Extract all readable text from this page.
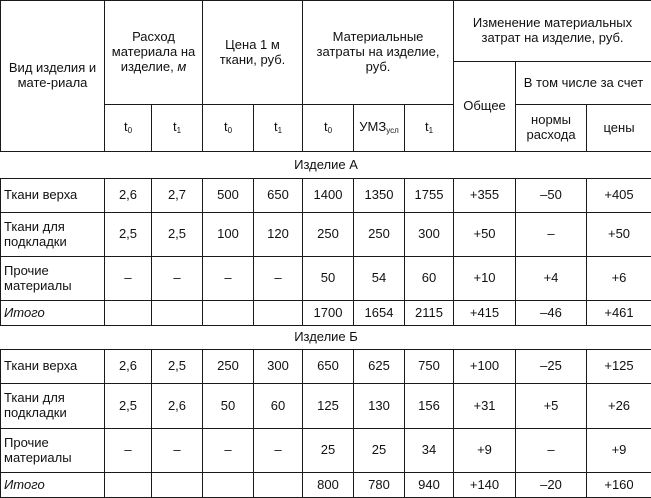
Вид изделия и мате-риала	Расход материала на изделие, м		Цена 1 м ткани, руб.		Материальные затраты на изделие, руб.			Изменение материальных затрат на изделие, руб.		
								Общее	В том числе за счет	
	$t_0$	$t_1$	$t_0$	$t_1$	$t_0$	$УМЗ_{усл}$	$t_1$		нормы расхода	цены
Изделие А										
Ткани верха	2,6	2,7	500	650	1400	1350	1755	+355	–50	+405
Ткани для подкладки	2,5	2,5	100	120	250	250	300	+50	–	+50
Прочие материалы	–	–	–	–	50	54	60	+10	+4	+6
Итого					1700	1654	2115	+415	–46	+461
Изделие Б										
Ткани верха	2,6	2,5	250	300	650	625	750	+100	–25	+125
Ткани для подкладки	2,5	2,6	50	60	125	130	156	+31	+5	+26
Прочие материалы	–	–	–	–	25	25	34	+9	–	+9
Итого					800	780	940	+140	–20	+160
